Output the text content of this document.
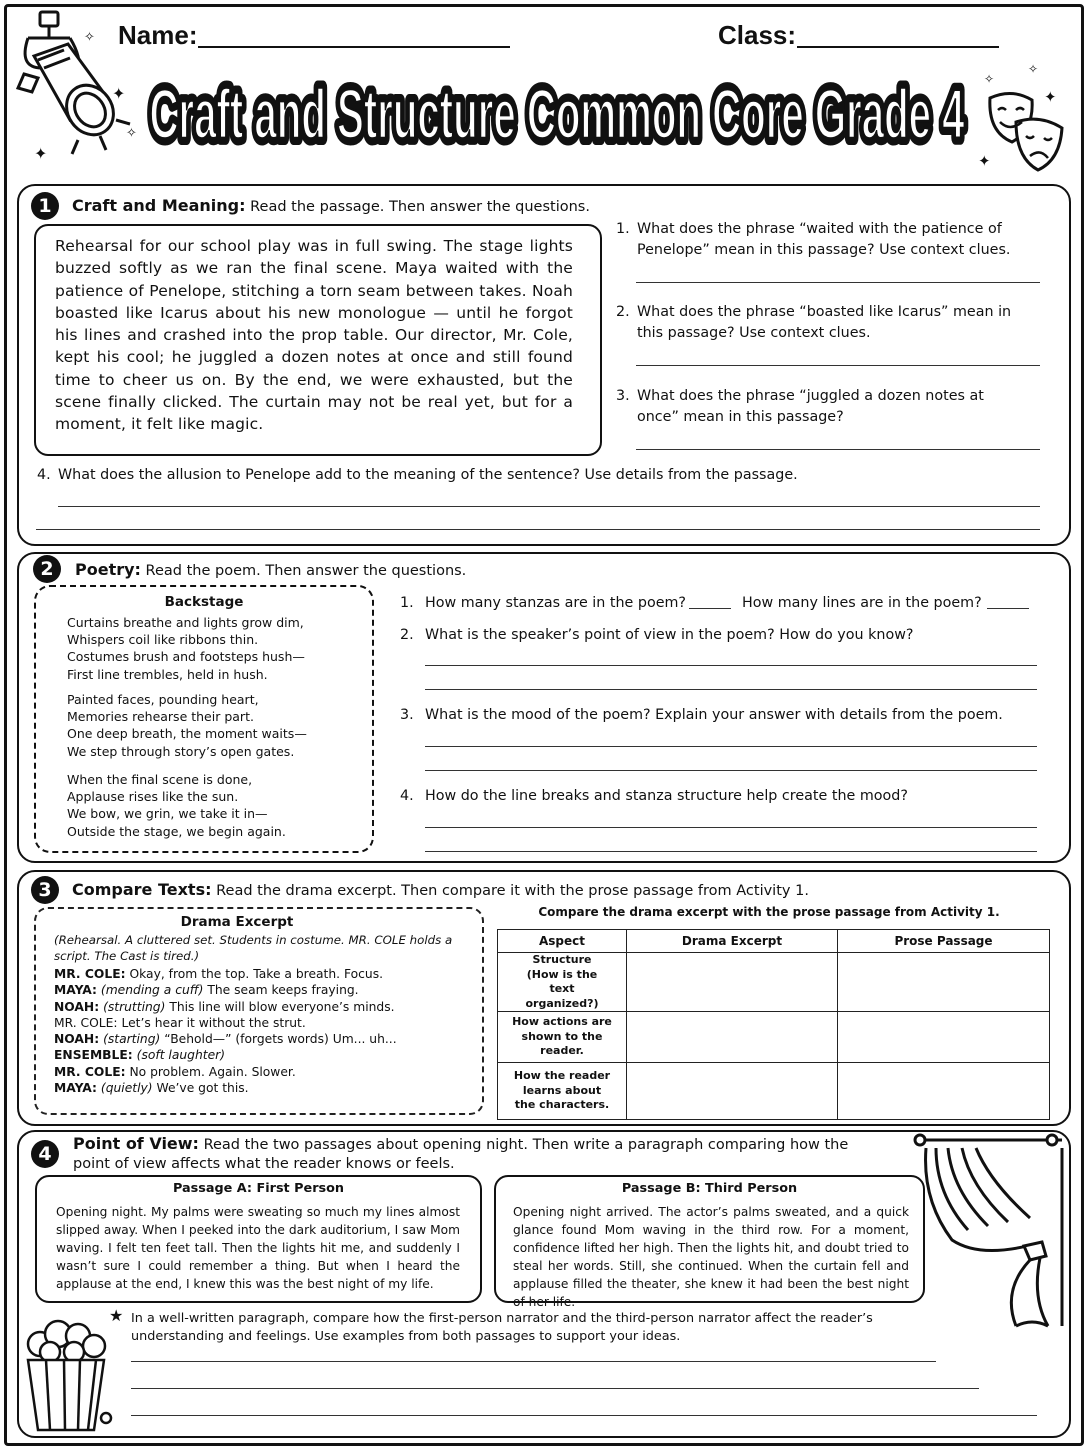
✦
✦
✧
✧ Name:	Class:
Craft and Structure Common Core Grade 4
Craft and Structure Common Core Grade 4	✦
✦
✧
✧
1	Craft and Meaning: Read the passage. Then answer the questions.
Rehearsal for our school play was in full swing. The stage lights buzzed softly as we ran the final scene. Maya waited with the patience of Penelope, stitching a torn seam between takes. Noah boasted like Icarus about his new monologue — until he forgot his lines and crashed into the prop table. Our director, Mr. Cole, kept his cool; he juggled a dozen notes at once and still found time to cheer us on. By the end, we were exhausted, but the scene finally clicked. The curtain may not be real yet, but for a moment, it felt like magic.
1. What does the phrase “waited with the patience of Penelope” mean in this passage? Use context clues.
2. What does the phrase “boasted like Icarus” mean in this passage? Use context clues.
3. What does the phrase “juggled a dozen notes at once” mean in this passage?
4. What does the allusion to Penelope add to the meaning of the sentence? Use details from the passage.
2	Poetry: Read the poem. Then answer the questions.
Backstage
Curtains breathe and lights grow dim,
Whispers coil like ribbons thin.
Costumes brush and footsteps hush—
First line trembles, held in hush.
Painted faces, pounding heart,
Memories rehearse their part.
One deep breath, the moment waits—
We step through story’s open gates.
When the final scene is done,
Applause rises like the sun.
We bow, we grin, we take it in—
Outside the stage, we begin again.
1. How many stanzas are in the poem?	How many lines are in the poem?
2. What is the speaker’s point of view in the poem? How do you know?
3. What is the mood of the poem? Explain your answer with details from the poem.
4. How do the line breaks and stanza structure help create the mood?
3	Compare Texts: Read the drama excerpt. Then compare it with the prose passage from Activity 1.
Drama Excerpt
(Rehearsal. A cluttered set. Students in costume. MR. COLE holds a script. The Cast is tired.)
MR. COLE: Okay, from the top. Take a breath. Focus.
MAYA: (mending a cuff) The seam keeps fraying.
NOAH: (strutting) This line will blow everyone’s minds.
MR. COLE: Let’s hear it without the strut.
NOAH: (starting) “Behold—” (forgets words) Um... uh...
ENSEMBLE: (soft laughter)
MR. COLE: No problem. Again. Slower.
MAYA: (quietly) We’ve got this.
Compare the drama excerpt with the prose passage from Activity 1.
Aspect	Drama Excerpt	Prose Passage

Structure (How is the text organized?)		

How actions are shown to the reader.		

How the reader learns about the characters.		

4	Point of View: Read the two passages about opening night. Then write a paragraph comparing how the point of view affects what the reader knows or feels.
Passage A: First Person
Opening night. My palms were sweating so much my lines almost slipped away. When I peeked into the dark auditorium, I saw Mom waving. I felt ten feet tall. Then the lights hit me, and suddenly I wasn’t sure I could remember a thing. But when I heard the applause at the end, I knew this was the best night of my life.
Passage B: Third Person
Opening night arrived. The actor’s palms sweated, and a quick glance found Mom waving in the third row. For a moment, confidence lifted her high. Then the lights hit, and doubt tried to steal her words. Still, she continued. When the curtain fell and applause filled the theater, she knew it had been the best night of her life.
★ In a well-written paragraph, compare how the first-person narrator and the third-person narrator affect the reader’s understanding and feelings. Use examples from both passages to support your ideas.
